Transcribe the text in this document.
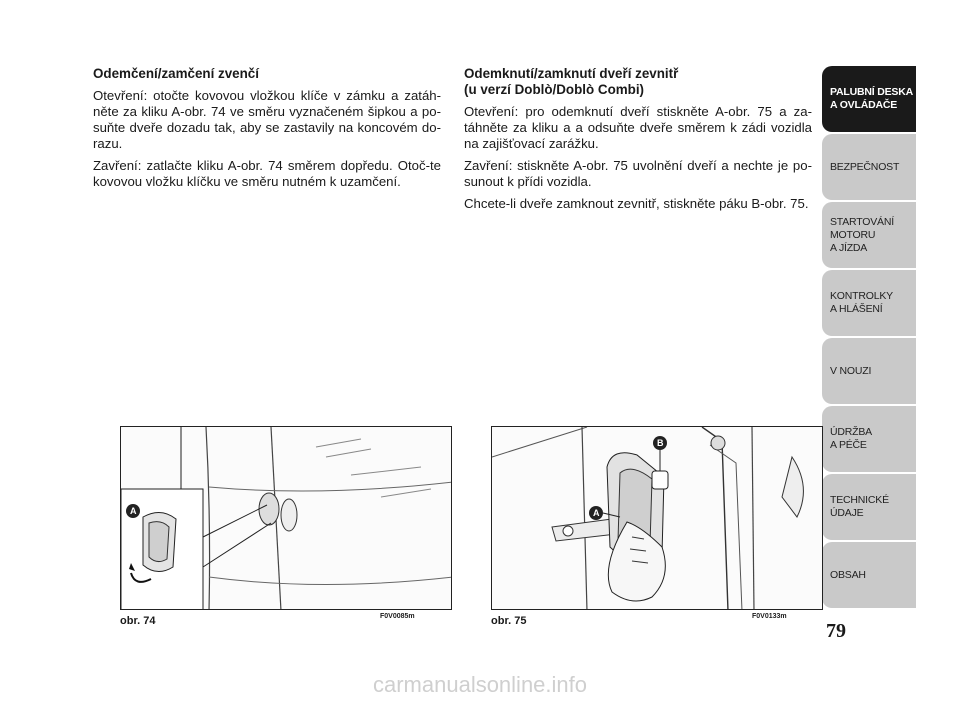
Odemčení/zamčení zvenčí

Otevření: otočte kovovou vložkou klíče v zámku a zatáh-něte za kliku A-obr. 74 ve směru vyznačeném šipkou a po-suňte dveře dozadu tak, aby se zastavily na koncovém do-razu.

Zavření: zatlačte kliku A-obr. 74 směrem dopředu. Otoč-te kovovou vložku klíčku ve směru nutném k uzamčení.

Odemknutí/zamknutí dveří zevnitř
(u verzí Doblò/Doblò Combi)

Otevření: pro odemknutí dveří stiskněte A-obr. 75 a za-táhněte za kliku a a odsuňte dveře směrem k zádi vozidla na zajišťovací zarážku.

Zavření: stiskněte A-obr. 75 uvolnění dveří a nechte je po-sunout k přídi vozidla.

Chcete-li dveře zamknout zevnitř, stiskněte páku B-obr. 75.

PALUBNÍ DESKA
A OVLÁDAČE
BEZPEČNOST
STARTOVÁNÍ
MOTORU
A JÍZDA
KONTROLKY
A HLÁŠENÍ
V NOUZI
ÚDRŽBA
A PÉČE
TECHNICKÉ
ÚDAJE
OBSAH
79
A
obr. 74	F0V0085m
A
B
obr. 75	F0V0133m
carmanualsonline.info
